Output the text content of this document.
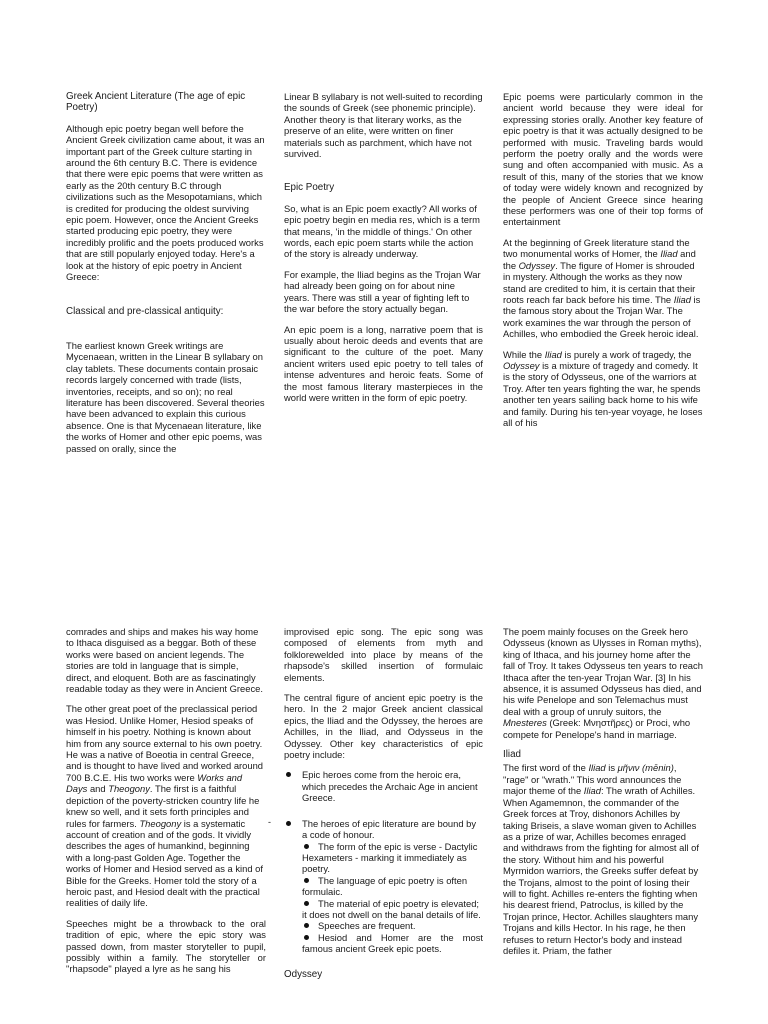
Greek Ancient Literature (The age of epic Poetry)

Although epic poetry began well before the Ancient Greek civilization came about, it was an important part of the Greek culture starting in around the 6th century B.C. There is evidence that there were epic poems that were written as early as the 20th century B.C through civilizations such as the Mesopotamians, which is credited for producing the oldest surviving epic poem. However, once the Ancient Greeks started producing epic poetry, they were incredibly prolific and the poets produced works that are still popularly enjoyed today. Here's a look at the history of epic poetry in Ancient Greece:

Classical and pre-classical antiquity:

The earliest known Greek writings are Mycenaean, written in the Linear B syllabary on clay tablets. These documents contain prosaic records largely concerned with trade (lists, inventories, receipts, and so on); no real literature has been discovered. Several theories have been advanced to explain this curious absence. One is that Mycenaean literature, like the works of Homer and other epic poems, was passed on orally, since the

Linear B syllabary is not well-suited to recording the sounds of Greek (see phonemic principle). Another theory is that literary works, as the preserve of an elite, were written on finer materials such as parchment, which have not survived.

Epic Poetry

So, what is an Epic poem exactly? All works of epic poetry begin en media res, which is a term that means, 'in the middle of things.' On other words, each epic poem starts while the action of the story is already underway.

For example, the Iliad begins as the Trojan War had already been going on for about nine years. There was still a year of fighting left to the war before the story actually began.

An epic poem is a long, narrative poem that is usually about heroic deeds and events that are significant to the culture of the poet. Many ancient writers used epic poetry to tell tales of intense adventures and heroic feats. Some of the most famous literary masterpieces in the world were written in the form of epic poetry.

Epic poems were particularly common in the ancient world because they were ideal for expressing stories orally. Another key feature of epic poetry is that it was actually designed to be performed with music. Traveling bards would perform the poetry orally and the words were sung and often accompanied with music. As a result of this, many of the stories that we know of today were widely known and recognized by the people of Ancient Greece since hearing these performers was one of their top forms of entertainment

At the beginning of Greek literature stand the two monumental works of Homer, the Iliad and the Odyssey. The figure of Homer is shrouded in mystery. Although the works as they now stand are credited to him, it is certain that their roots reach far back before his time. The Iliad is the famous story about the Trojan War. The work examines the war through the person of Achilles, who embodied the Greek heroic ideal.

While the Iliad is purely a work of tragedy, the Odyssey is a mixture of tragedy and comedy. It is the story of Odysseus, one of the warriors at Troy. After ten years fighting the war, he spends another ten years sailing back home to his wife and family. During his ten-year voyage, he loses all of his

comrades and ships and makes his way home to Ithaca disguised as a beggar. Both of these works were based on ancient legends. The stories are told in language that is simple, direct, and eloquent. Both are as fascinatingly readable today as they were in Ancient Greece.

The other great poet of the preclassical period was Hesiod. Unlike Homer, Hesiod speaks of himself in his poetry. Nothing is known about him from any source external to his own poetry. He was a native of Boeotia in central Greece, and is thought to have lived and worked around 700 B.C.E. His two works were Works and Days and Theogony. The first is a faithful depiction of the poverty-stricken country life he knew so well, and it sets forth principles and rules for farmers. Theogony is a systematic account of creation and of the gods. It vividly describes the ages of humankind, beginning with a long-past Golden Age. Together the works of Homer and Hesiod served as a kind of Bible for the Greeks. Homer told the story of a heroic past, and Hesiod dealt with the practical realities of daily life.

Speeches might be a throwback to the oral tradition of epic, where the epic story was passed down, from master storyteller to pupil, possibly within a family. The storyteller or "rhapsode" played a lyre as he sang his

-

improvised epic song. The epic song was composed of elements from myth and folklorewelded into place by means of the rhapsode's skilled insertion of formulaic elements.

The central figure of ancient epic poetry is the hero. In the 2 major Greek ancient classical epics, the Iliad and the Odyssey, the heroes are Achilles, in the Iliad, and Odysseus in the Odyssey. Other key characteristics of epic poetry include:

Epic heroes come from the heroic era, which precedes the Archaic Age in ancient Greece.
The heroes of epic literature are bound by a code of honour.
The form of the epic is verse - Dactylic Hexameters - marking it immediately as poetry.
The language of epic poetry is often formulaic.
The material of epic poetry is elevated; it does not dwell on the banal details of life.
Speeches are frequent.
Hesiod and Homer are the most famous ancient Greek epic poets.

Odyssey

The poem mainly focuses on the Greek hero Odysseus (known as Ulysses in Roman myths), king of Ithaca, and his journey home after the fall of Troy. It takes Odysseus ten years to reach Ithaca after the ten-year Trojan War. [3] In his absence, it is assumed Odysseus has died, and his wife Penelope and son Telemachus must deal with a group of unruly suitors, the Mnesteres (Greek: Μνηστῆρες) or Proci, who compete for Penelope's hand in marriage.

Iliad

The first word of the Iliad is μῆνιν (mēnin), "rage" or "wrath." This word announces the major theme of the Iliad: The wrath of Achilles. When Agamemnon, the commander of the Greek forces at Troy, dishonors Achilles by taking Briseis, a slave woman given to Achilles as a prize of war, Achilles becomes enraged and withdraws from the fighting for almost all of the story. Without him and his powerful Myrmidon warriors, the Greeks suffer defeat by the Trojans, almost to the point of losing their will to fight. Achilles re-enters the fighting when his dearest friend, Patroclus, is killed by the Trojan prince, Hector. Achilles slaughters many Trojans and kills Hector. In his rage, he then refuses to return Hector's body and instead defiles it. Priam, the father
